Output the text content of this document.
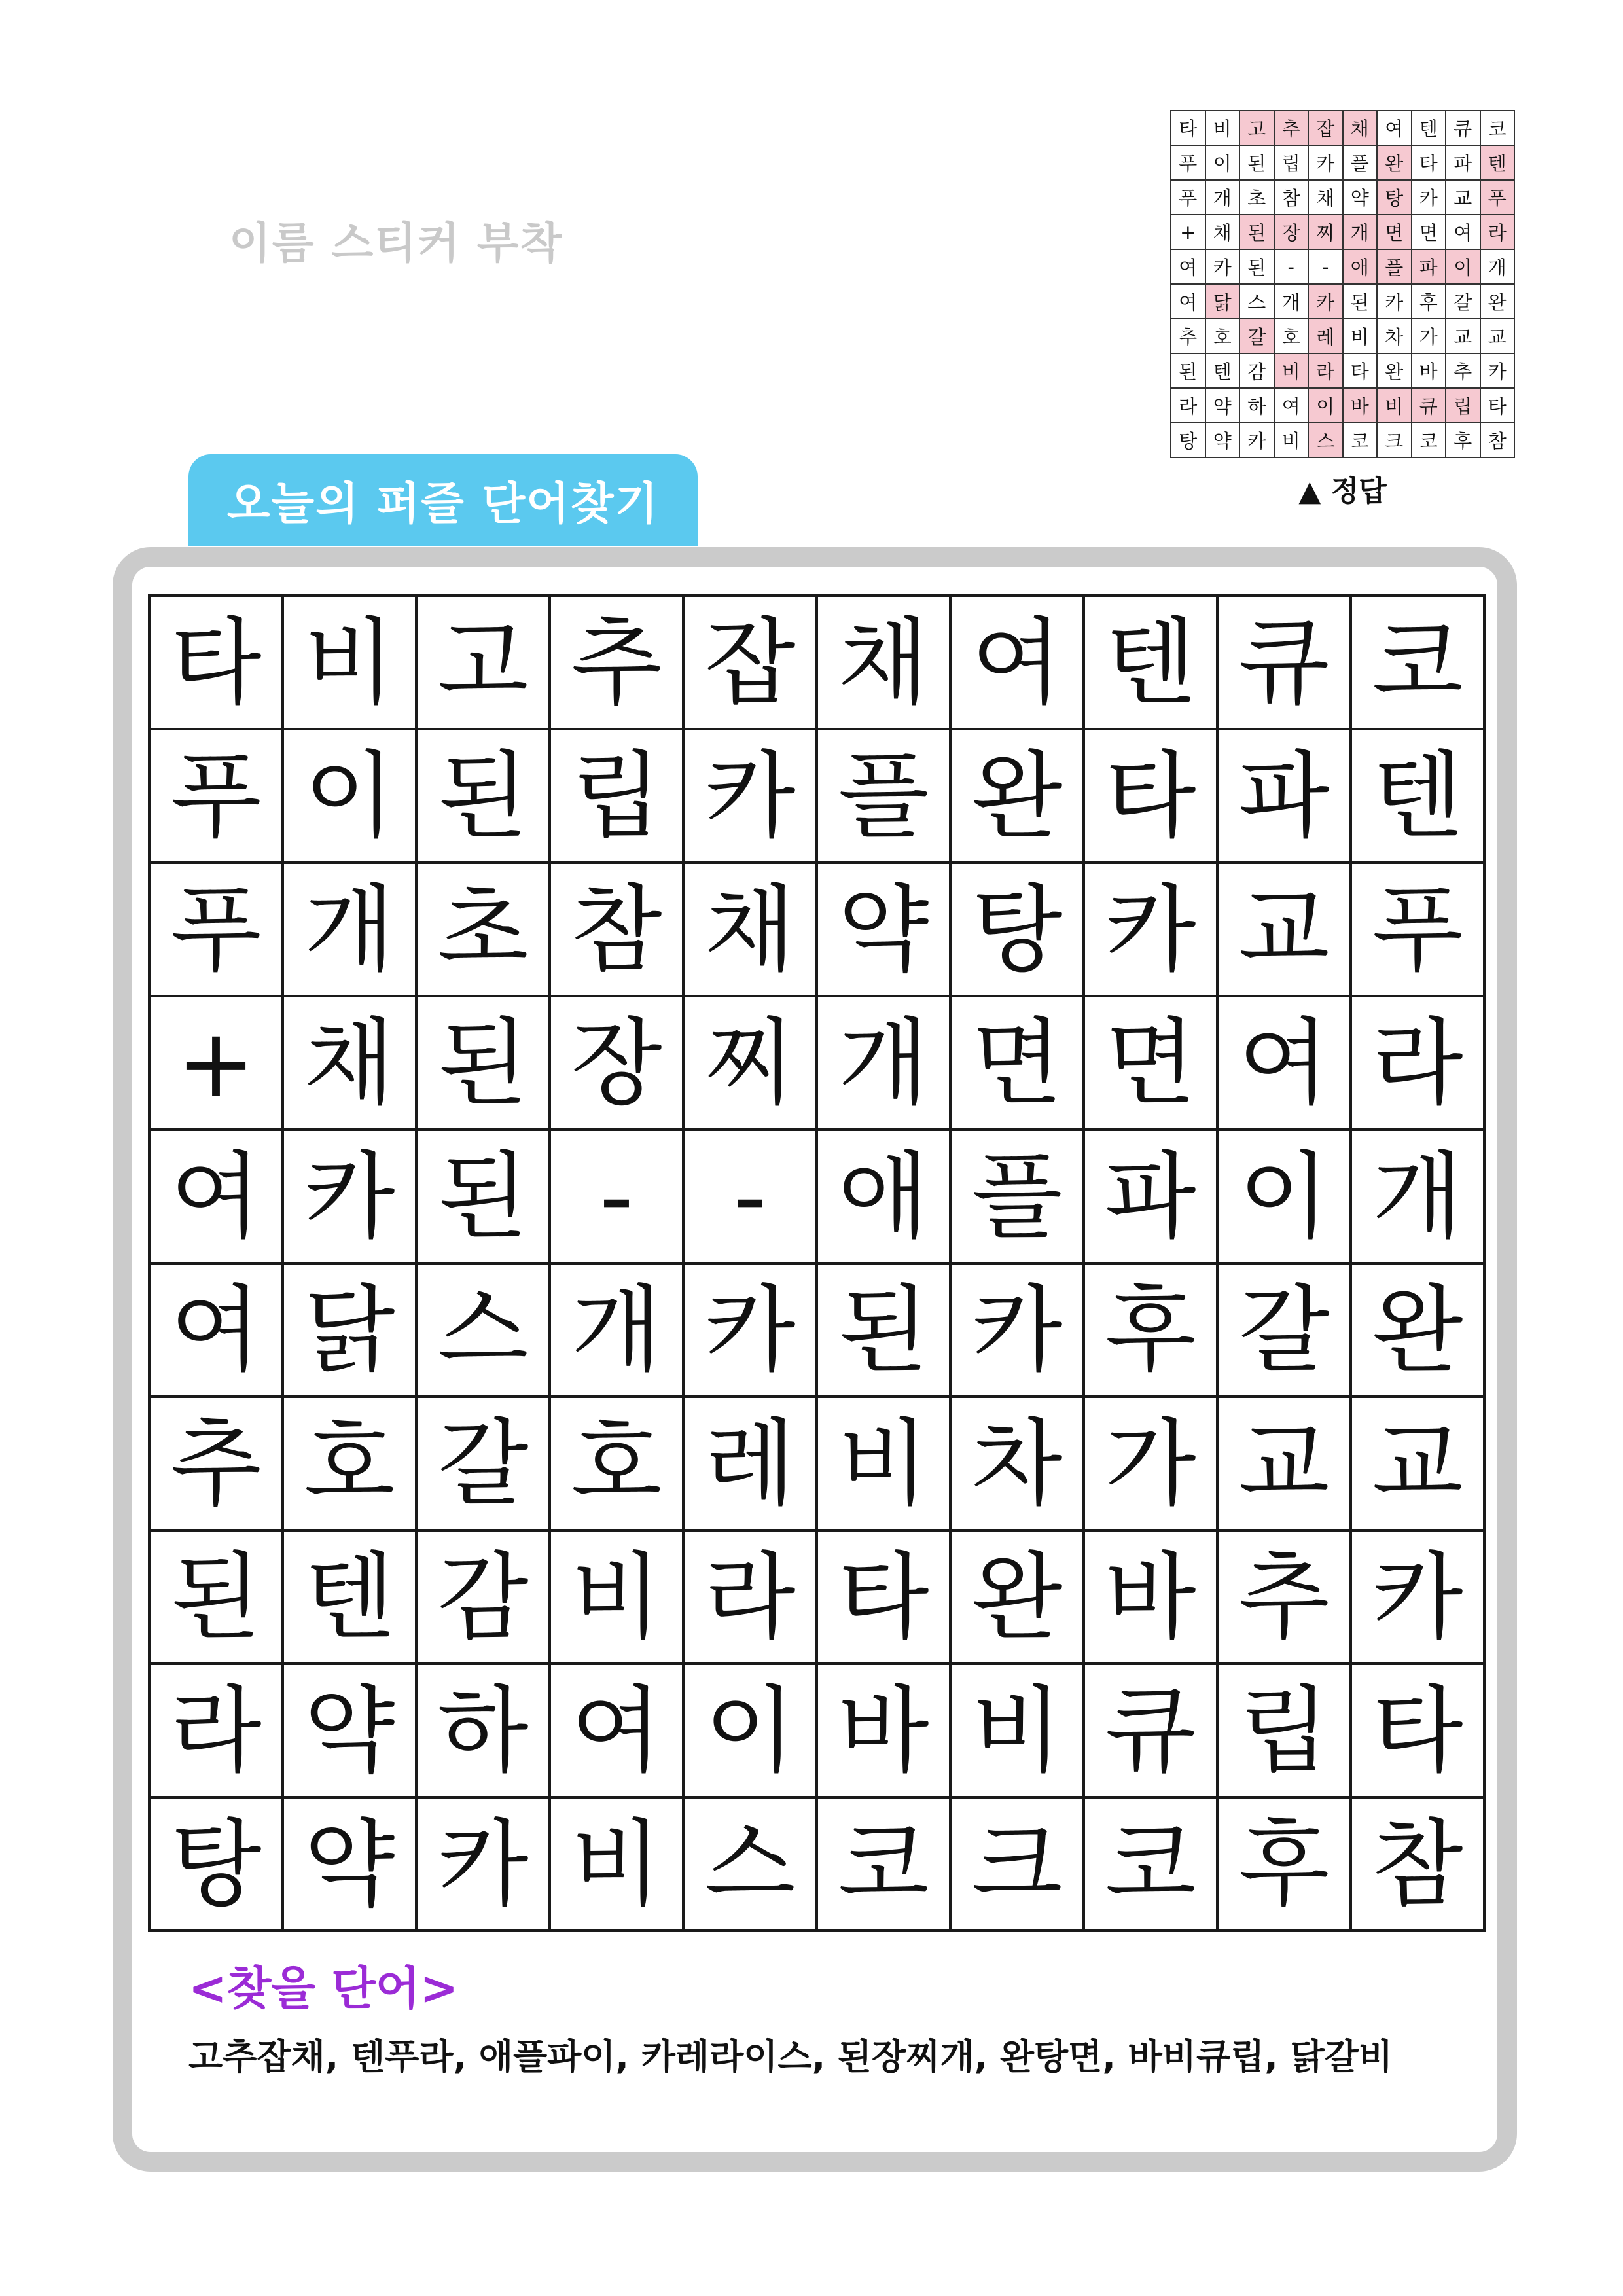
이름 스티커 부착
타	비	고	추	잡	채	여	텐	큐	코
푸	이	된	립	카	플	완	타	파	텐
푸	개	초	참	채	약	탕	카	교	푸
+	채	된	장	찌	개	면	면	여	라
여	카	된	-	-	애	플	파	이	개
여	닭	스	개	카	된	카	후	갈	완
추	호	갈	호	레	비	차	가	교	교
된	텐	감	비	라	타	완	바	추	카
라	약	하	여	이	바	비	큐	립	타
탕	약	카	비	스	코	크	코	후	참
▲ 정답
오늘의 퍼즐 단어찾기
타	비	고	추	잡	채	여	텐	큐	코
푸	이	된	립	카	플	완	타	파	텐
푸	개	초	참	채	약	탕	카	교	푸
+	채	된	장	찌	개	면	면	여	라
여	카	된	-	-	애	플	파	이	개
여	닭	스	개	카	된	카	후	갈	완
추	호	갈	호	레	비	차	가	교	교
된	텐	감	비	라	타	완	바	추	카
라	약	하	여	이	바	비	큐	립	타
탕	약	카	비	스	코	크	코	후	참
<찾을 단어>
고추잡채, 텐푸라, 애플파이, 카레라이스, 된장찌개, 완탕면, 바비큐립, 닭갈비
